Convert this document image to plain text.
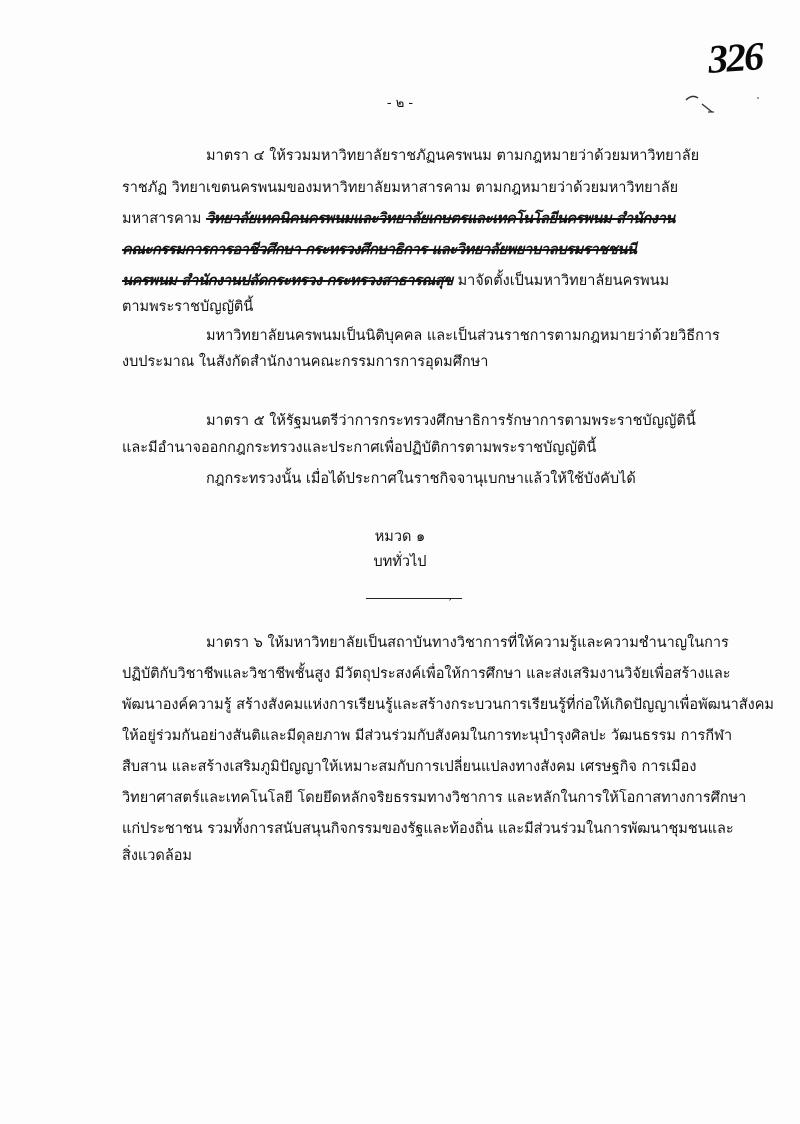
326
- ๒ -
มาตรา ๔ ให้รวมมหาวิทยาลัยราชภัฏนครพนม ตามกฎหมายว่าด้วยมหาวิทยาลัย
ราชภัฏ วิทยาเขตนครพนมของมหาวิทยาลัยมหาสารคาม ตามกฎหมายว่าด้วยมหาวิทยาลัย
มหาสารคาม วิทยาลัยเทคนิคนครพนมและวิทยาลัยเกษตรและเทคโนโลยีนครพนม สำนักงาน
คณะกรรมการการอาชีวศึกษา กระทรวงศึกษาธิการ และวิทยาลัยพยาบาลบรมราชชนนี
นครพนม สำนักงานปลัดกระทรวง กระทรวงสาธารณสุข มาจัดตั้งเป็นมหาวิทยาลัยนครพนม
ตามพระราชบัญญัตินี้
มหาวิทยาลัยนครพนมเป็นนิติบุคคล และเป็นส่วนราชการตามกฎหมายว่าด้วยวิธีการ
งบประมาณ ในสังกัดสำนักงานคณะกรรมการการอุดมศึกษา
มาตรา ๕ ให้รัฐมนตรีว่าการกระทรวงศึกษาธิการรักษาการตามพระราชบัญญัตินี้
และมีอำนาจออกกฎกระทรวงและประกาศเพื่อปฏิบัติการตามพระราชบัญญัตินี้
กฎกระทรวงนั้น เมื่อได้ประกาศในราชกิจจานุเบกษาแล้วให้ใช้บังคับได้
หมวด ๑
บททั่วไป
ˊ
มาตรา ๖ ให้มหาวิทยาลัยเป็นสถาบันทางวิชาการที่ให้ความรู้และความชำนาญในการ
ปฏิบัติกับวิชาชีพและวิชาชีพชั้นสูง มีวัตถุประสงค์เพื่อให้การศึกษา และส่งเสริมงานวิจัยเพื่อสร้างและ
พัฒนาองค์ความรู้ สร้างสังคมแห่งการเรียนรู้และสร้างกระบวนการเรียนรู้ที่ก่อให้เกิดปัญญาเพื่อพัฒนาสังคม
ให้อยู่ร่วมกันอย่างสันติและมีดุลยภาพ มีส่วนร่วมกับสังคมในการทะนุบำรุงศิลปะ วัฒนธรรม การกีฬา
สืบสาน และสร้างเสริมภูมิปัญญาให้เหมาะสมกับการเปลี่ยนแปลงทางสังคม เศรษฐกิจ การเมือง
วิทยาศาสตร์และเทคโนโลยี โดยยึดหลักจริยธรรมทางวิชาการ และหลักในการให้โอกาสทางการศึกษา
แก่ประชาชน รวมทั้งการสนับสนุนกิจกรรมของรัฐและท้องถิ่น และมีส่วนร่วมในการพัฒนาชุมชนและ
สิ่งแวดล้อม
